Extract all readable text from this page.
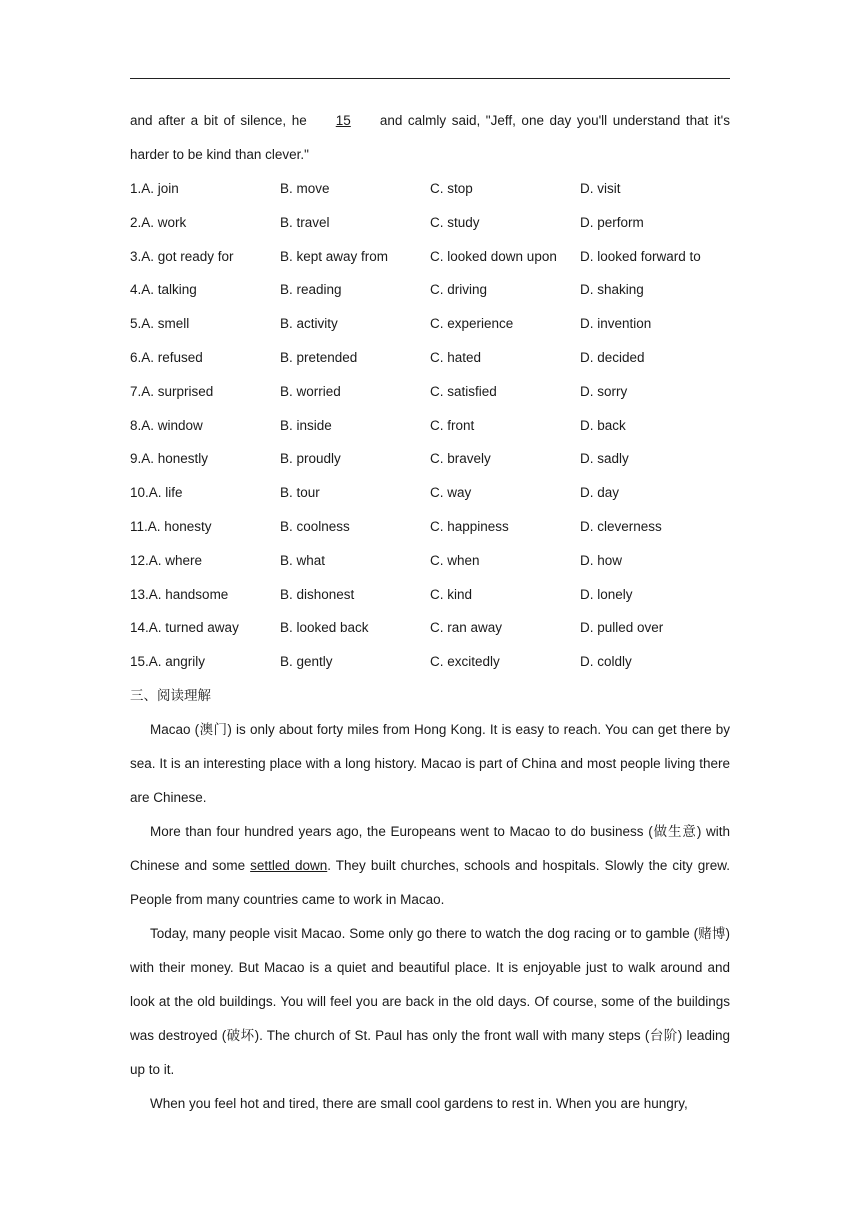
and after a bit of silence, he 15 and calmly said, "Jeff, one day you'll understand that it's harder to be kind than clever."

1.A. join	B. move	C. stop	D. visit
2.A. work	B. travel	C. study	D. perform
3.A. got ready for	B. kept away from	C. looked down upon	D. looked forward to
4.A. talking	B. reading	C. driving	D. shaking
5.A. smell	B. activity	C. experience	D. invention
6.A. refused	B. pretended	C. hated	D. decided
7.A. surprised	B. worried	C. satisfied	D. sorry
8.A. window	B. inside	C. front	D. back
9.A. honestly	B. proudly	C. bravely	D. sadly
10.A. life	B. tour	C. way	D. day
11.A. honesty	B. coolness	C. happiness	D. cleverness
12.A. where	B. what	C. when	D. how
13.A. handsome	B. dishonest	C. kind	D. lonely
14.A. turned away	B. looked back	C. ran away	D. pulled over
15.A. angrily	B. gently	C. excitedly	D. coldly

三、阅读理解

Macao (澳门) is only about forty miles from Hong Kong. It is easy to reach. You can get there by sea. It is an interesting place with a long history. Macao is part of China and most people living there are Chinese.

More than four hundred years ago, the Europeans went to Macao to do business (做生意) with Chinese and some settled down. They built churches, schools and hospitals. Slowly the city grew. People from many countries came to work in Macao.

Today, many people visit Macao. Some only go there to watch the dog racing or to gamble (赌博) with their money. But Macao is a quiet and beautiful place. It is enjoyable just to walk around and look at the old buildings. You will feel you are back in the old days. Of course, some of the buildings was destroyed (破坏). The church of St. Paul has only the front wall with many steps (台阶) leading up to it.

When you feel hot and tired, there are small cool gardens to rest in. When you are hungry,
